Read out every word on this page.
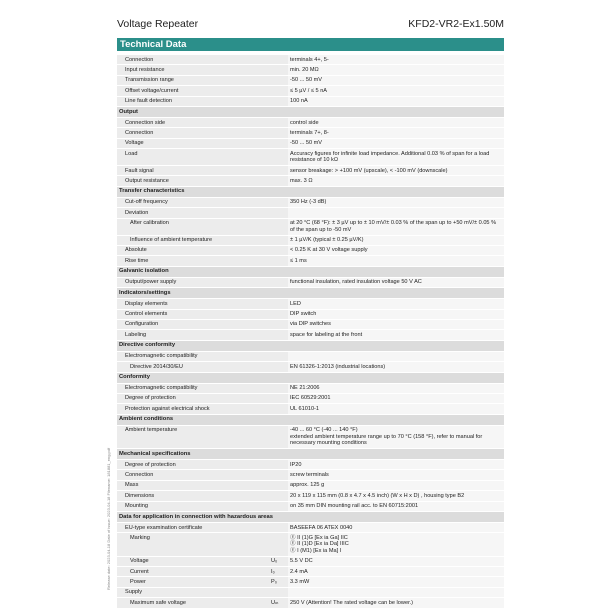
Voltage Repeater	KFD2-VR2-Ex1.50M
Technical Data
Connection	terminals 4+, 5-
Input resistance	min. 20 MΩ
Transmission range	-50 ... 50 mV
Offset voltage/current	≤ 5 µV / ≤ 5 nA
Line fault detection	100 nA
Output
Connection side	control side
Connection	terminals 7+, 8-
Voltage	-50 ... 50 mV
Load	Accuracy figures for infinite load impedance. Additional 0.03 % of span for a load resistance of 10 kΩ
Fault signal	sensor breakage: > +100 mV (upscale), < -100 mV (downscale)
Output resistance	max. 3 Ω
Transfer characteristics
Cut-off frequency	350 Hz (-3 dB)
Deviation
After calibration	at 20 °C (68 °F): ± 3 µV up to ± 10 mV/± 0.03 % of the span up to +50 mV/± 0.05 % of the span up to -50 mV
Influence of ambient temperature	± 1 µV/K (typical ± 0.25 µV/K)
Absolute	< 0.25 K at 30 V voltage supply
Rise time	≤ 1 ms
Galvanic isolation
Output/power supply	functional insulation, rated insulation voltage 50 V AC
Indicators/settings
Display elements	LED
Control elements	DIP switch
Configuration	via DIP switches
Labeling	space for labeling at the front
Directive conformity
Electromagnetic compatibility
Directive 2014/30/EU	EN 61326-1:2013 (industrial locations)
Conformity
Electromagnetic compatibility	NE 21:2006
Degree of protection	IEC 60529:2001
Protection against electrical shock	UL 61010-1
Ambient conditions
Ambient temperature	-40 ... 60 °C (-40 ... 140 °F)
extended ambient temperature range up to 70 °C (158 °F), refer to manual for necessary mounting conditions
Mechanical specifications
Degree of protection	IP20
Connection	screw terminals
Mass	approx. 125 g
Dimensions	20 x 119 x 115 mm (0.8 x 4.7 x 4.5 inch) (W x H x D) , housing type B2
Mounting	on 35 mm DIN mounting rail acc. to EN 60715:2001
Data for application in connection with hazardous areas
EU-type examination certificate	BASEEFA 06 ATEX 0040
Marking	Ⓔ II (1)G [Ex ia Ga] IIC
Ⓔ II (1)D [Ex ia Da] IIIC
Ⓔ I (M1) [Ex ia Ma] I
Voltage	U₀	5.5 V DC
Current	I₀	2.4 mA
Power	P₀	3.3 mW
Supply
Maximum safe voltage	Uₘ	250 V (Attention! The rated voltage can be lower.)
Release date: 2023-04-18 Date of issue: 2023-04-18 Filename: 181881_eng.pdf
